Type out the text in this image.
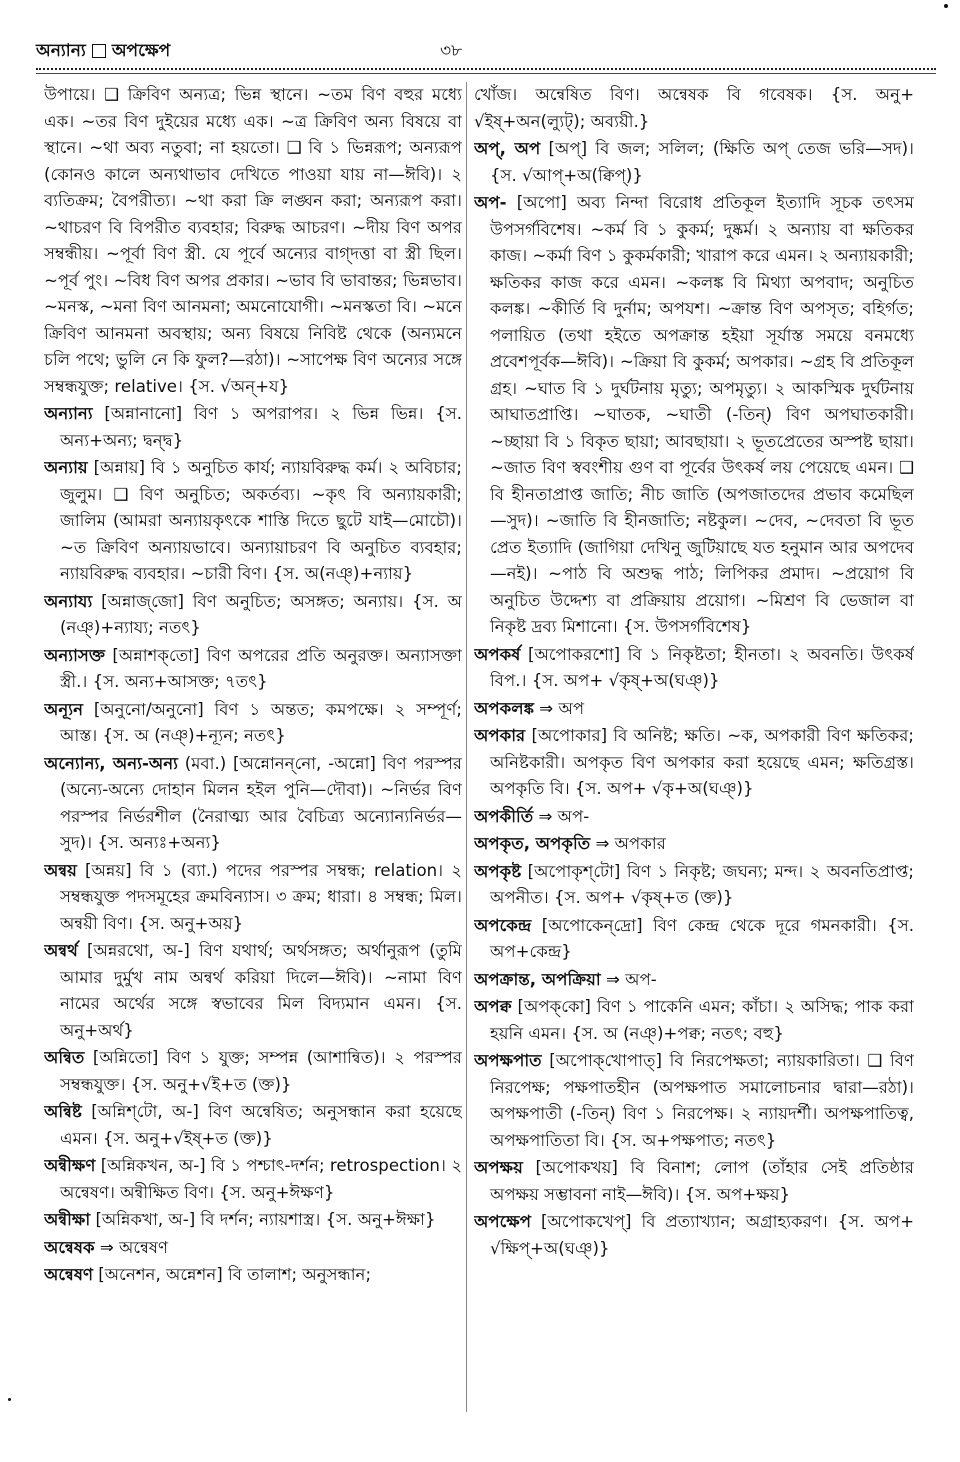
অন্যান্য অপক্ষেপ	৩৮

উপায়ে। ❑ ক্রিবিণ অন্যত্র; ভিন্ন স্থানে। ~তম বিণ বহুর মধ্যে এক। ~তর বিণ দুইয়ের মধ্যে এক। ~ত্র ক্রিবিণ অন্য বিষয়ে বা স্থানে। ~থা অব্য নতুবা; না হয়তো। ❑ বি ১ ভিন্নরূপ; অন্যরূপ (কোনও কালে অন্যথাভাব দেখিতে পাওয়া যায় না—ঈবি)। ২ ব্যতিক্রম; বৈপরীত্য। ~থা করা ক্রি লঙ্ঘন করা; অন্যরূপ করা। ~থাচরণ বি বিপরীত ব্যবহার; বিরুদ্ধ আচরণ। ~দীয় বিণ অপর সম্বন্ধীয়। ~পূর্বা বিণ স্ত্রী. যে পূর্বে অন্যের বাগ্‌দত্তা বা স্ত্রী ছিল। ~পূর্ব পুং। ~বিধ বিণ অপর প্রকার। ~ভাব বি ভাবান্তর; ভিন্নভাব। ~মনস্ক, ~মনা বিণ আনমনা; অমনোযোগী। ~মনস্কতা বি। ~মনে ক্রিবিণ আনমনা অবস্থায়; অন্য বিষয়ে নিবিষ্ট থেকে (অন্যমনে চলি পথে; ভুলি নে কি ফুল?—রঠা)। ~সাপেক্ষ বিণ অন্যের সঙ্গে সম্বন্ধযুক্ত; relative। {স. √অন্+য}

অন্যান্য [অন্নানানো] বিণ ১ অপরাপর। ২ ভিন্ন ভিন্ন। {স. অন্য+অন্য; দ্বন্দ্ব}

অন্যায় [অন্নায়] বি ১ অনুচিত কার্য; ন্যায়বিরুদ্ধ কর্ম। ২ অবিচার; জুলুম। ❑ বিণ অনুচিত; অকর্তব্য। ~কৃৎ বি অন্যায়কারী; জালিম (আমরা অন্যায়কৃৎকে শাস্তি দিতে ছুটে যাই—মোচৌ)। ~ত ক্রিবিণ অন্যায়ভাবে। অন্যায়াচরণ বি অনুচিত ব্যবহার; ন্যায়বিরুদ্ধ ব্যবহার। ~চারী বিণ। {স. অ(নঞ্)+ন্যায়}

অন্যায্য [অন্নাজ্‌জো] বিণ অনুচিত; অসঙ্গত; অন্যায়। {স. অ (নঞ্)+ন্যায্য; নতৎ}

অন্যাসক্ত [অন্নাশক্‌তো] বিণ অপরের প্রতি অনুরক্ত। অন্যাসক্তা স্ত্রী.। {স. অন্য+আসক্ত; ৭তৎ}

অন্যূন [অনুনো/অনুনো] বিণ ১ অন্তত; কমপক্ষে। ২ সম্পূর্ণ; আস্ত। {স. অ (নঞ্)+ন্যূন; নতৎ}

অন্যোন্য, অন্য-অন্য (মবা.) [অন্নোনন্‌নো, -অন্নো] বিণ পরস্পর (অন্যে-অন্যে দোহান মিলন হইল পুনি—দৌবা)। ~নির্ভর বিণ পরস্পর নির্ভরশীল (নৈরাত্ম্য আর বৈচিত্র্য অন্যোন্যনির্ভর—সুদ)। {স. অন্যঃ+অন্য}

অন্বয় [অন্নয়] বি ১ (ব্যা.) পদের পরস্পর সম্বন্ধ; relation। ২ সম্বন্ধযুক্ত পদসমূহের ক্রমবিন্যাস। ৩ ক্রম; ধারা। ৪ সম্বন্ধ; মিল। অন্বয়ী বিণ। {স. অনু+অয়}

অন্বর্থ [অন্নরথো, অ-] বিণ যথার্থ; অর্থসঙ্গত; অর্থানুরূপ (তুমি আমার দুর্মুখ নাম অন্বর্থ করিয়া দিলে—ঈবি)। ~নামা বিণ নামের অর্থের সঙ্গে স্বভাবের মিল বিদ্যমান এমন। {স. অনু+অর্থ}

অন্বিত [অন্নিতো] বিণ ১ যুক্ত; সম্পন্ন (আশান্বিত)। ২ পরস্পর সম্বন্ধযুক্ত। {স. অনু+√ই+ত (ক্ত)}

অন্বিষ্ট [অন্নিশ্‌টো, অ-] বিণ অন্বেষিত; অনুসন্ধান করা হয়েছে এমন। {স. অনু+√ইষ্+ত (ক্ত)}

অন্বীক্ষণ [অন্নিকখন, অ-] বি ১ পশ্চাৎ-দর্শন; retrospection। ২ অন্বেষণ। অন্বীক্ষিত বিণ। {স. অনু+ঈক্ষণ}

অন্বীক্ষা [অন্নিকখা, অ-] বি দর্শন; ন্যায়শাস্ত্র। {স. অনু+ঈক্ষা}

অন্বেষক ⇒ অন্বেষণ

অন্বেষণ [অনেশন, অন্নেশন] বি তালাশ; অনুসন্ধান;

খোঁজ। অন্বেষিত বিণ। অন্বেষক বি গবেষক। {স. অনু+ √ইষ্+অন(ল্যুট্); অব্যয়ী.}

অপ্‌, অপ [অপ্] বি জল; সলিল; (ক্ষিতি অপ্ তেজ ভরি—সদ)। {স. √আপ্+অ(ক্বিপ্)}

অপ- [অপো] অব্য নিন্দা বিরোধ প্রতিকূল ইত্যাদি সূচক তৎসম উপসর্গবিশেষ। ~কর্ম বি ১ কুকর্ম; দুষ্কর্ম। ২ অন্যায় বা ক্ষতিকর কাজ। ~কর্মা বিণ ১ কুকর্মকারী; খারাপ করে এমন। ২ অন্যায়কারী; ক্ষতিকর কাজ করে এমন। ~কলঙ্ক বি মিথ্যা অপবাদ; অনুচিত কলঙ্ক। ~কীর্তি বি দুর্নাম; অপযশ। ~ক্রান্ত বিণ অপসৃত; বহির্গত; পলায়িত (তথা হইতে অপক্রান্ত হইয়া সূর্যাস্ত সময়ে বনমধ্যে প্রবেশপূর্বক—ঈবি)। ~ক্রিয়া বি কুকর্ম; অপকার। ~গ্রহ বি প্রতিকূল গ্রহ। ~ঘাত বি ১ দুর্ঘটনায় মৃত্যু; অপমৃত্যু। ২ আকস্মিক দুর্ঘটনায় আঘাতপ্রাপ্তি। ~ঘাতক, ~ঘাতী (-তিন্) বিণ অপঘাতকারী। ~চ্ছায়া বি ১ বিকৃত ছায়া; আবছায়া। ২ ভূতপ্রেতের অস্পষ্ট ছায়া। ~জাত বিণ স্ববংশীয় গুণ বা পূর্বের উৎকর্ষ লয় পেয়েছে এমন। ❑ বি হীনতাপ্রাপ্ত জাতি; নীচ জাতি (অপজাতদের প্রভাব কমেছিল—সুদ)। ~জাতি বি হীনজাতি; নষ্টকুল। ~দেব, ~দেবতা বি ভূত প্রেত ইত্যাদি (জাগিয়া দেখিনু জুটিয়াছে যত হনুমান আর অপদেব—নই)। ~পাঠ বি অশুদ্ধ পাঠ; লিপিকর প্রমাদ। ~প্রয়োগ বি অনুচিত উদ্দেশ্য বা প্রক্রিয়ায় প্রয়োগ। ~মিশ্রণ বি ভেজাল বা নিকৃষ্ট দ্রব্য মিশানো। {স. উপসর্গবিশেষ}

অপকর্ষ [অপোকরশো] বি ১ নিকৃষ্টতা; হীনতা। ২ অবনতি। উৎকর্ষ বিপ.। {স. অপ+ √কৃষ্+অ(ঘঞ্)}

অপকলঙ্ক ⇒ অপ

অপকার [অপোকার] বি অনিষ্ট; ক্ষতি। ~ক, অপকারী বিণ ক্ষতিকর; অনিষ্টকারী। অপকৃত বিণ অপকার করা হয়েছে এমন; ক্ষতিগ্রস্ত। অপকৃতি বি। {স. অপ+ √কৃ+অ(ঘঞ্)}

অপকীর্তি ⇒ অপ-

অপকৃত, অপকৃতি ⇒ অপকার

অপকৃষ্ট [অপোকৃশ্‌টো] বিণ ১ নিকৃষ্ট; জঘন্য; মন্দ। ২ অবনতিপ্রাপ্ত; অপনীত। {স. অপ+ √কৃষ্+ত (ক্ত)}

অপকেন্দ্র [অপোকেন্‌দ্রো] বিণ কেন্দ্র থেকে দূরে গমনকারী। {স. অপ+কেন্দ্র}

অপক্রান্ত, অপক্রিয়া ⇒ অপ-

অপক্ব [অপক্‌কো] বিণ ১ পাকেনি এমন; কাঁচা। ২ অসিদ্ধ; পাক করা হয়নি এমন। {স. অ (নঞ্)+পক্ব; নতৎ; বহু}

অপক্ষপাত [অপোক্‌খোপাত্] বি নিরপেক্ষতা; ন্যায়কারিতা। ❑ বিণ নিরপেক্ষ; পক্ষপাতহীন (অপক্ষপাত সমালোচনার দ্বারা—রঠা)। অপক্ষপাতী (-তিন্) বিণ ১ নিরপেক্ষ। ২ ন্যায়দর্শী। অপক্ষপাতিত্ব, অপক্ষপাতিতা বি। {স. অ+পক্ষপাত; নতৎ}

অপক্ষয় [অপোকখয়] বি বিনাশ; লোপ (তাঁহার সেই প্রতিষ্ঠার অপক্ষয় সম্ভাবনা নাই—ঈবি)। {স. অপ+ক্ষয়}

অপক্ষেপ [অপোকখেপ্] বি প্রত্যাখ্যান; অগ্রাহ্যকরণ। {স. অপ+ √ক্ষিপ্+অ(ঘঞ্)}
